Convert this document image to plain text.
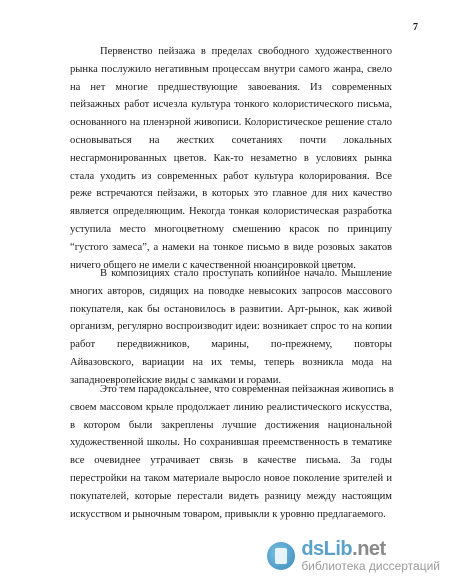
7
Первенство пейзажа в пределах свободного художественного
рынка послужило негативным процессам внутри самого жанра, свело
на нет многие предшествующие завоевания. Из современных
пейзажных работ исчезла культура тонкого колористического письма,
основанного на пленэрной живописи. Колористическое решение стало
основываться на жестких сочетаниях почти локальных
несгармонированных цветов. Как-то незаметно в условиях рынка
стала уходить из современных работ культура колорирования. Все
реже встречаются пейзажи, в которых это главное для них качество
является определяющим. Некогда тонкая колористическая разработка
уступила место многоцветному смешению красок по принципу
“густого замеса”, а намеки на тонкое письмо в виде розовых закатов
ничего общего не имели с качественной нюансировкой цветом.
В композициях стало проступать копийное начало. Мышление
многих авторов, сидящих на поводке невысоких запросов массового
покупателя, как бы остановилось в развитии. Арт-рынок, как живой
организм, регулярно воспроизводит идеи: возникает спрос то на копии
работ передвижников, марины, по-прежнему, повторы
Айвазовского, вариации на их темы, теперь возникла мода на
западноевропейские виды с замками и горами.
Это тем парадоксальнее, что современная пейзажная живопись в
своем массовом крыле продолжает линию реалистического искусства,
в котором были закреплены лучшие достижения национальной
художественной школы. Но сохранившая преемственность в тематике
все очевиднее утрачивает связь в качестве письма. За годы
перестройки на таком материале выросло новое поколение зрителей и
покупателей, которые перестали видеть разницу между настоящим
искусством и рыночным товаром, привыкли к уровню предлагаемого.
dsLib.net
библиотека диссертаций
